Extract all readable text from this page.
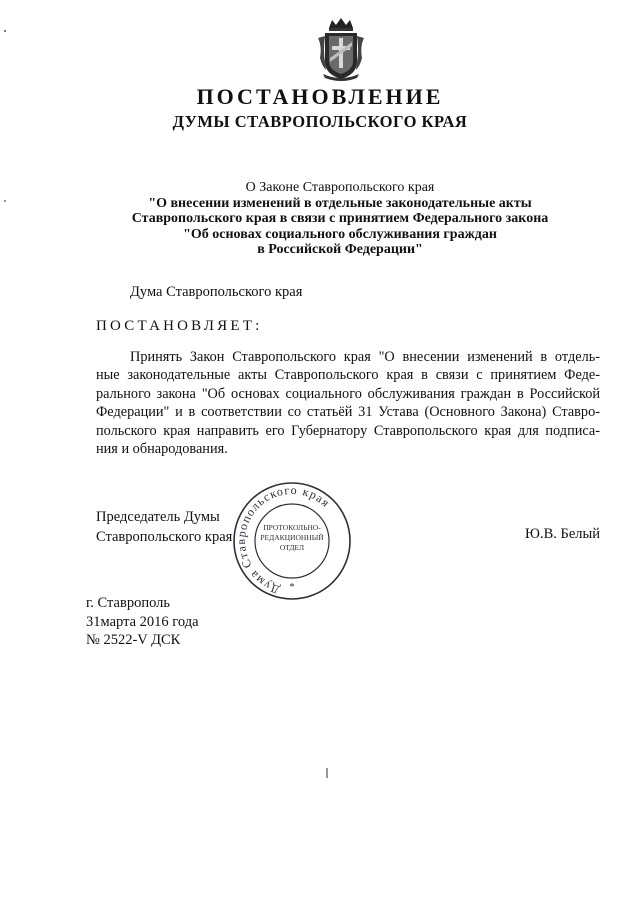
ПОСТАНОВЛЕНИЕ
ДУМЫ СТАВРОПОЛЬСКОГО КРАЯ
О Законе Ставропольского края
"О внесении изменений в отдельные законодательные акты
Ставропольского края в связи с принятием Федерального закона
"Об основах социального обслуживания граждан
в Российской Федерации"
Дума Ставропольского края
ПОСТАНОВЛЯЕТ:
Принять Закон Ставропольского края "О внесении изменений в отдель-
ные законодательные акты Ставропольского края в связи с принятием Феде-
рального закона "Об основах социального обслуживания граждан в Российской
Федерации" и в соответствии со статьёй 31 Устава (Основного Закона) Ставро-
польского края направить его Губернатору Ставропольского края для подписа-
ния и обнародования.
Председатель Думы
Ставропольского края
Дума Ставропольского края
ПРОТОКОЛЬНО-
РЕДАКЦИОННЫЙ
ОТДЕЛ
*
Ю.В. Белый
г. Ставрополь
31марта 2016 года
№ 2522-V ДСК
